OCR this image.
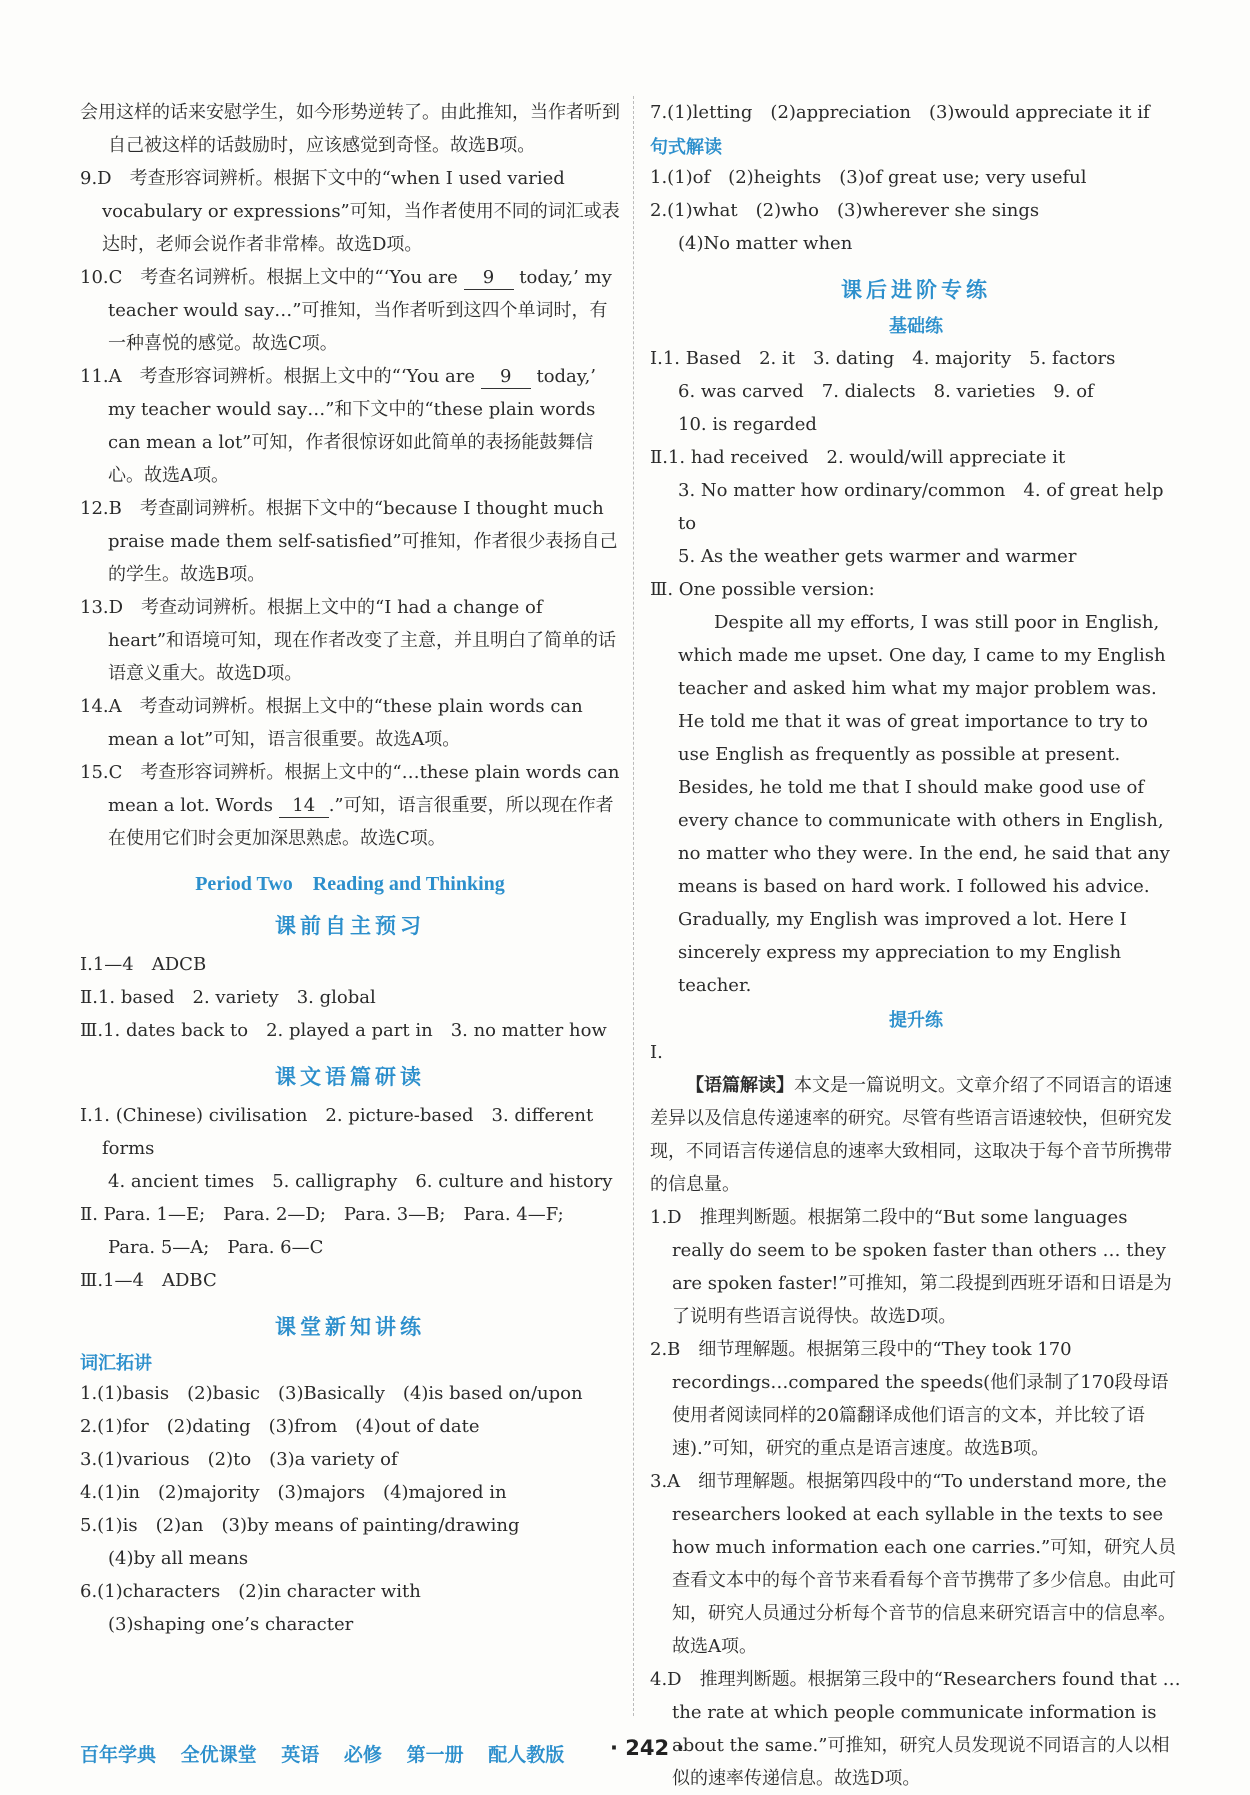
会用这样的话来安慰学生，如今形势逆转了。由此推知，当作者听到自己被这样的话鼓励时，应该感觉到奇怪。故选B项。

9.D　考查形容词辨析。根据下文中的“when I used varied vocabulary or expressions”可知，当作者使用不同的词汇或表达时，老师会说作者非常棒。故选D项。

10.C　考查名词辨析。根据上文中的“‘You are 9 today,’ my teacher would say…”可推知，当作者听到这四个单词时，有一种喜悦的感觉。故选C项。

11.A　考查形容词辨析。根据上文中的“‘You are 9 today,’ my teacher would say…”和下文中的“these plain words can mean a lot”可知，作者很惊讶如此简单的表扬能鼓舞信心。故选A项。

12.B　考查副词辨析。根据下文中的“because I thought much praise made them self-satisfied”可推知，作者很少表扬自己的学生。故选B项。

13.D　考查动词辨析。根据上文中的“I had a change of heart”和语境可知，现在作者改变了主意，并且明白了简单的话语意义重大。故选D项。

14.A　考查动词辨析。根据上文中的“these plain words can mean a lot”可知，语言很重要。故选A项。

15.C　考查形容词辨析。根据上文中的“…these plain words can mean a lot. Words 14 .”可知，语言很重要，所以现在作者在使用它们时会更加深思熟虑。故选C项。

Period Two　Reading and Thinking
课前自主预习

Ⅰ.1—4　ADCB

Ⅱ.1. based　2. variety　3. global

Ⅲ.1. dates back to　2. played a part in　3. no matter how

课文语篇研读

Ⅰ.1. (Chinese) civilisation　2. picture-based　3. different forms

4. ancient times　5. calligraphy　6. culture and history

Ⅱ. Para. 1—E;　Para. 2—D;　Para. 3—B;　Para. 4—F;

Para. 5—A;　Para. 6—C

Ⅲ.1—4　ADBC

课堂新知讲练
词汇拓讲

1.(1)basis　(2)basic　(3)Basically　(4)is based on/upon

2.(1)for　(2)dating　(3)from　(4)out of date

3.(1)various　(2)to　(3)a variety of

4.(1)in　(2)majority　(3)majors　(4)majored in

5.(1)is　(2)an　(3)by means of painting/drawing

(4)by all means

6.(1)characters　(2)in character with

(3)shaping one’s character

7.(1)letting　(2)appreciation　(3)would appreciate it if

句式解读

1.(1)of　(2)heights　(3)of great use; very useful

2.(1)what　(2)who　(3)wherever she sings

(4)No matter when

课后进阶专练
基础练

Ⅰ.1. Based　2. it　3. dating　4. majority　5. factors

6. was carved　7. dialects　8. varieties　9. of

10. is regarded

Ⅱ.1. had received　2. would/will appreciate it

3. No matter how ordinary/common　4. of great help to

5. As the weather gets warmer and warmer

Ⅲ. One possible version:

Despite all my efforts, I was still poor in English, which made me upset. One day, I came to my English teacher and asked him what my major problem was. He told me that it was of great importance to try to use English as frequently as possible at present. Besides, he told me that I should make good use of every chance to communicate with others in English, no matter who they were. In the end, he said that any means is based on hard work. I followed his advice. Gradually, my English was improved a lot. Here I sincerely express my appreciation to my English teacher.

提升练

Ⅰ.

【语篇解读】本文是一篇说明文。文章介绍了不同语言的语速差异以及信息传递速率的研究。尽管有些语言语速较快，但研究发现，不同语言传递信息的速率大致相同，这取决于每个音节所携带的信息量。

1.D　推理判断题。根据第二段中的“But some languages really do seem to be spoken faster than others … they are spoken faster!”可推知，第二段提到西班牙语和日语是为了说明有些语言说得快。故选D项。

2.B　细节理解题。根据第三段中的“They took 170 recordings…compared the speeds(他们录制了170段母语使用者阅读同样的20篇翻译成他们语言的文本，并比较了语速).”可知，研究的重点是语言速度。故选B项。

3.A　细节理解题。根据第四段中的“To understand more, the researchers looked at each syllable in the texts to see how much information each one carries.”可知，研究人员查看文本中的每个音节来看看每个音节携带了多少信息。由此可知，研究人员通过分析每个音节的信息来研究语言中的信息率。故选A项。

4.D　推理判断题。根据第三段中的“Researchers found that … the rate at which people communicate information is about the same.”可推知，研究人员发现说不同语言的人以相似的速率传递信息。故选D项。

百年学典 全优课堂 英语 必修 第一册 配人教版	· 242 ·
